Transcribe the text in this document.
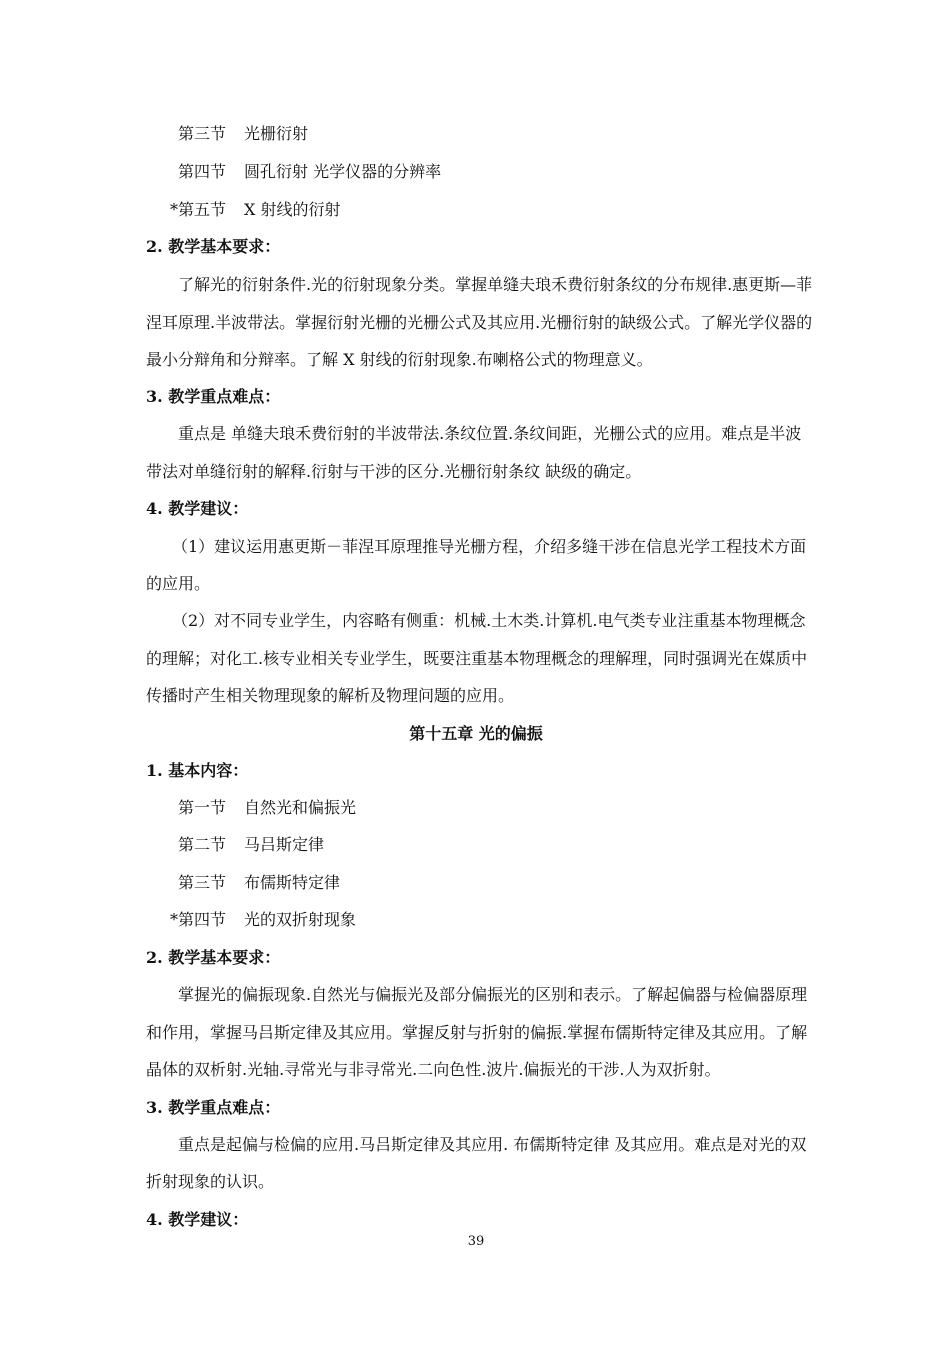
第三节 光栅衍射
第四节 圆孔衍射 光学仪器的分辨率
*第五节 X 射线的衍射
2. 教学基本要求：
了解光的衍射条件.光的衍射现象分类。掌握单缝夫琅禾费衍射条纹的分布规律.惠更斯—菲
涅耳原理.半波带法。掌握衍射光栅的光栅公式及其应用.光栅衍射的缺级公式。了解光学仪器的
最小分辩角和分辩率。了解 X 射线的衍射现象.布喇格公式的物理意义。
3. 教学重点难点：
重点是 单缝夫琅禾费衍射的半波带法.条纹位置.条纹间距，光栅公式的应用。难点是半波
带法对单缝衍射的解释.衍射与干涉的区分.光栅衍射条纹 缺级的确定。
4. 教学建议：
（1）建议运用惠更斯－菲涅耳原理推导光栅方程，介绍多缝干涉在信息光学工程技术方面
的应用。
（2）对不同专业学生，内容略有侧重：机械.土木类.计算机.电气类专业注重基本物理概念
的理解；对化工.核专业相关专业学生，既要注重基本物理概念的理解理，同时强调光在媒质中
传播时产生相关物理现象的解析及物理问题的应用。
第十五章 光的偏振
1. 基本内容：
第一节 自然光和偏振光
第二节 马吕斯定律
第三节 布儒斯特定律
*第四节 光的双折射现象
2. 教学基本要求：
掌握光的偏振现象.自然光与偏振光及部分偏振光的区别和表示。了解起偏器与检偏器原理
和作用，掌握马吕斯定律及其应用。掌握反射与折射的偏振.掌握布儒斯特定律及其应用。了解
晶体的双析射.光轴.寻常光与非寻常光.二向色性.波片.偏振光的干涉.人为双折射。
3. 教学重点难点：
重点是起偏与检偏的应用.马吕斯定律及其应用. 布儒斯特定律 及其应用。难点是对光的双
折射现象的认识。
4. 教学建议：
39
